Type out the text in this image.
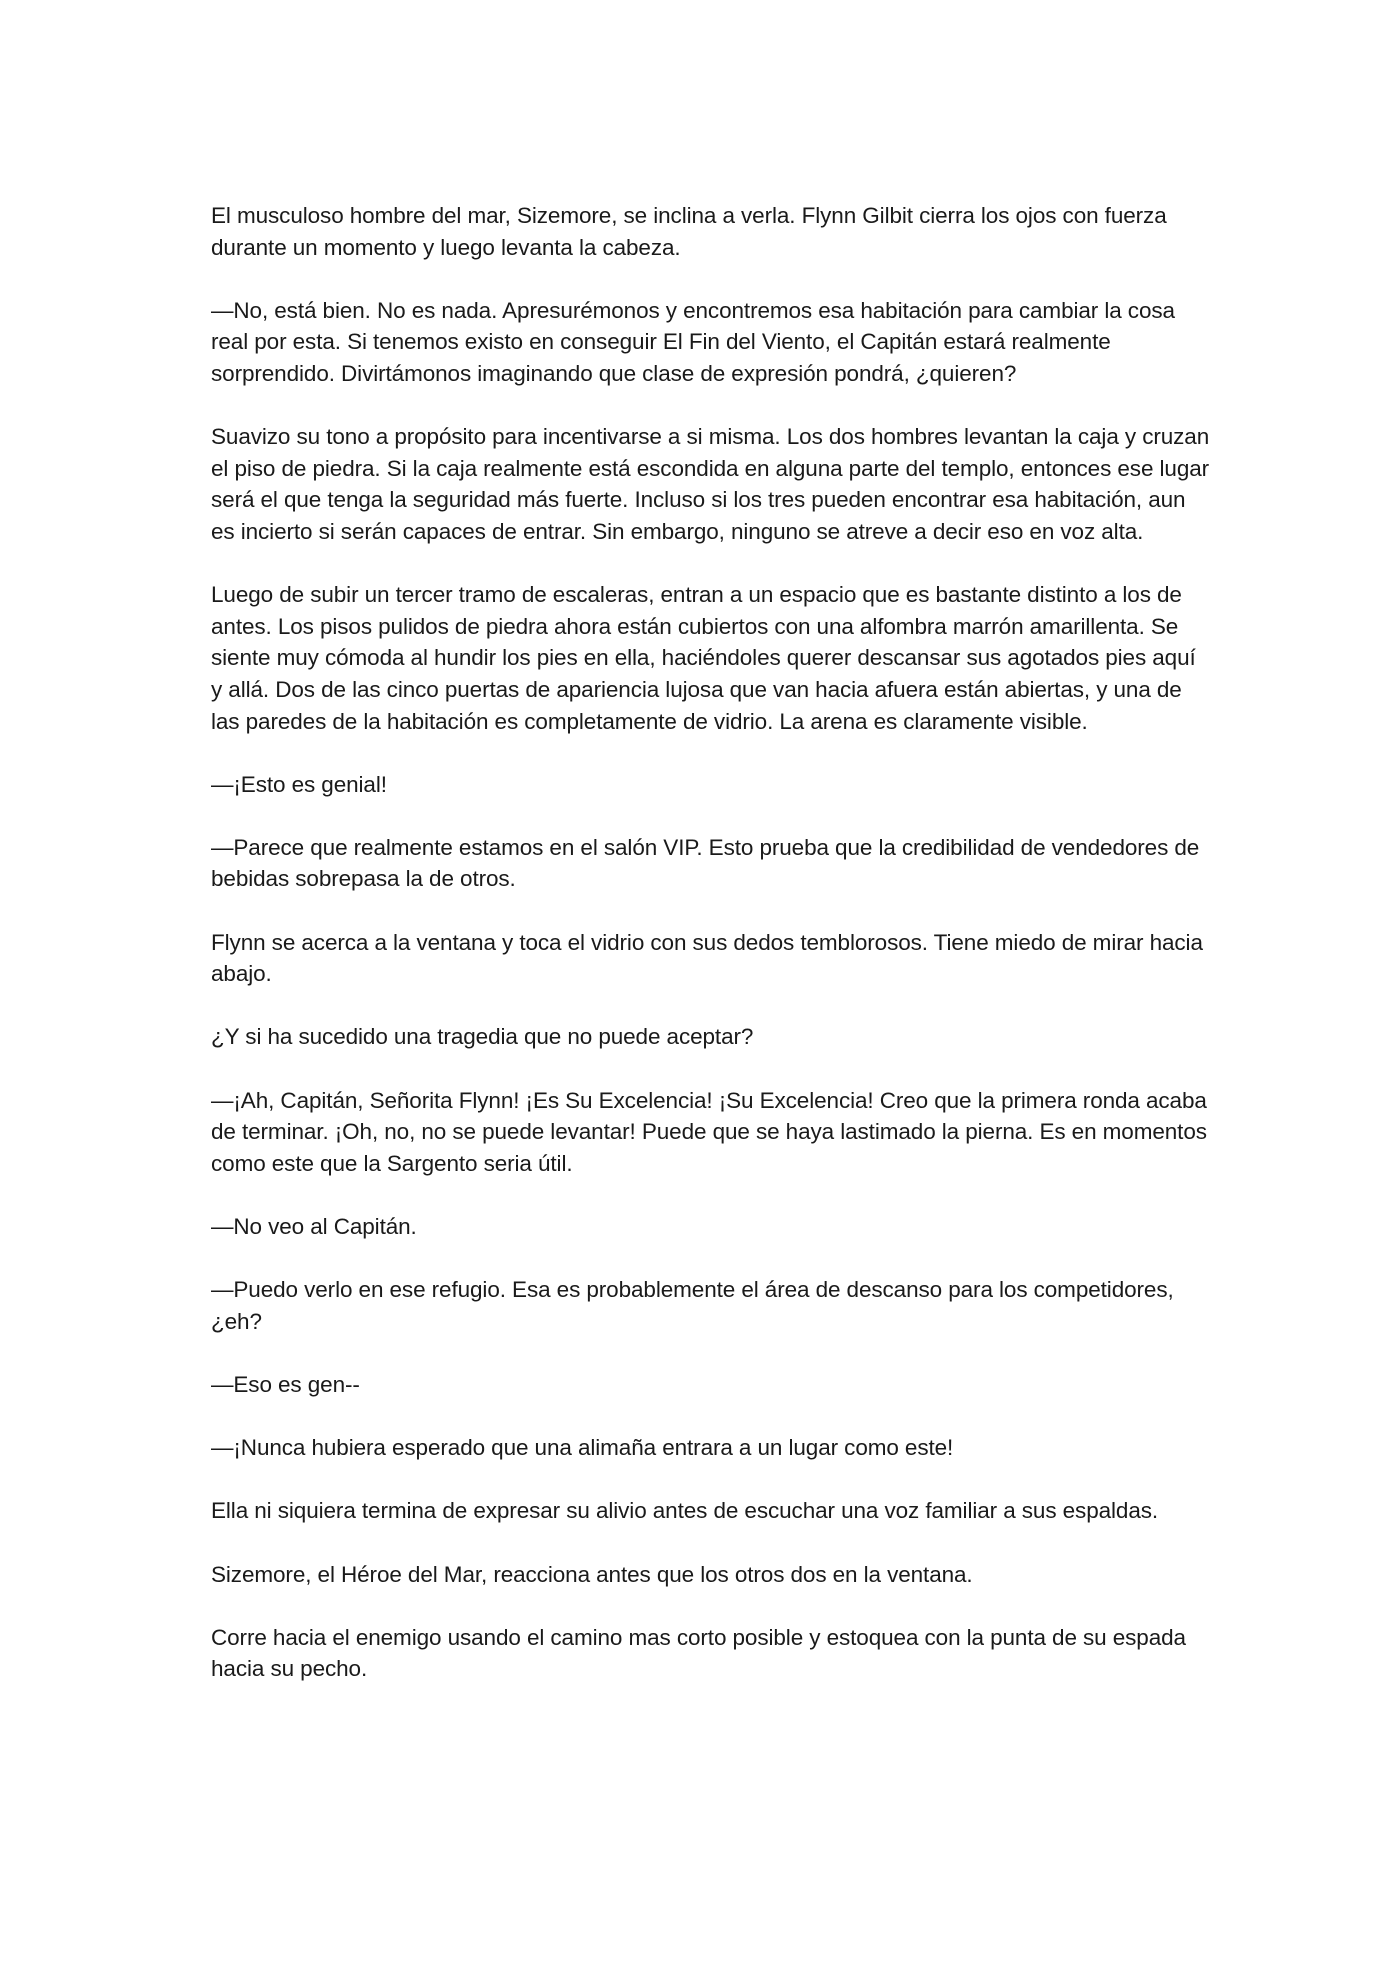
El musculoso hombre del mar, Sizemore, se inclina a verla. Flynn Gilbit cierra los ojos con fuerza durante un momento y luego levanta la cabeza.

—No, está bien. No es nada. Apresurémonos y encontremos esa habitación para cambiar la cosa real por esta. Si tenemos existo en conseguir El Fin del Viento, el Capitán estará realmente sorprendido. Divirtámonos imaginando que clase de expresión pondrá, ¿quieren?

Suavizo su tono a propósito para incentivarse a si misma. Los dos hombres levantan la caja y cruzan el piso de piedra. Si la caja realmente está escondida en alguna parte del templo, entonces ese lugar será el que tenga la seguridad más fuerte. Incluso si los tres pueden encontrar esa habitación, aun es incierto si serán capaces de entrar. Sin embargo, ninguno se atreve a decir eso en voz alta.

Luego de subir un tercer tramo de escaleras, entran a un espacio que es bastante distinto a los de antes. Los pisos pulidos de piedra ahora están cubiertos con una alfombra marrón amarillenta. Se siente muy cómoda al hundir los pies en ella, haciéndoles querer descansar sus agotados pies aquí y allá. Dos de las cinco puertas de apariencia lujosa que van hacia afuera están abiertas, y una de las paredes de la habitación es completamente de vidrio. La arena es claramente visible.

—¡Esto es genial!

—Parece que realmente estamos en el salón VIP. Esto prueba que la credibilidad de vendedores de bebidas sobrepasa la de otros.

Flynn se acerca a la ventana y toca el vidrio con sus dedos temblorosos. Tiene miedo de mirar hacia abajo.

¿Y si ha sucedido una tragedia que no puede aceptar?

—¡Ah, Capitán, Señorita Flynn! ¡Es Su Excelencia! ¡Su Excelencia! Creo que la primera ronda acaba de terminar. ¡Oh, no, no se puede levantar! Puede que se haya lastimado la pierna. Es en momentos como este que la Sargento seria útil.

—No veo al Capitán.

—Puedo verlo en ese refugio. Esa es probablemente el área de descanso para los competidores, ¿eh?

—Eso es gen--

—¡Nunca hubiera esperado que una alimaña entrara a un lugar como este!

Ella ni siquiera termina de expresar su alivio antes de escuchar una voz familiar a sus espaldas.

Sizemore, el Héroe del Mar, reacciona antes que los otros dos en la ventana.

Corre hacia el enemigo usando el camino mas corto posible y estoquea con la punta de su espada hacia su pecho.
